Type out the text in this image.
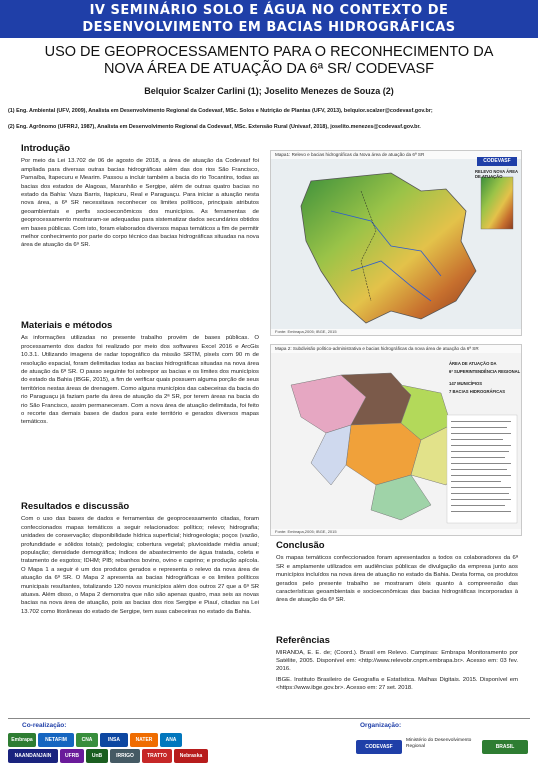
IV SEMINÁRIO SOLO E ÁGUA NO CONTEXTO DE
DESENVOLVIMENTO EM BACIAS HIDROGRÁFICAS
USO DE GEOPROCESSAMENTO PARA O RECONHECIMENTO DA
NOVA ÁREA DE ATUAÇÃO DA 6ª SR/ CODEVASF
Belquior Scalzer Carlini (1); Joselito Menezes de Souza (2)
(1) Eng. Ambiental (UFV, 2009), Analista em Desenvolvimento Regional da Codevasf, MSc. Solos e Nutrição de Plantas (UFV, 2013), belquior.scalzer@codevasf.gov.br;
(2) Eng. Agrônomo (UFRRJ, 1987), Analista em Desenvolvimento Regional da Codevasf, MSc. Extensão Rural (Univasf, 2018), joselito.menezes@codevasf.gov.br.
Introdução

Por meio da Lei 13.702 de 06 de agosto de 2018, a área de atuação da Codevasf foi ampliada para diversas outras bacias hidrográficas além das dos rios São Francisco, Parnaíba, Itapecuru e Mearim. Passou a incluir também a bacia do rio Tocantins, todas as bacias dos estados de Alagoas, Maranhão e Sergipe, além de outras quatro bacias no estado da Bahia: Vaza Barris, Itapicuru, Real e Paraguaçu. Para iniciar a atuação nesta nova área, a 6ª SR necessitava reconhecer os limites políticos, principais atributos geoambientais e perfis socioeconômicos dos municípios. As ferramentas de geoprocessamento mostraram-se adequadas para sistematizar dados secundários obtidos em bases públicas. Com isto, foram elaborados diversos mapas temáticos a fim de permitir melhor conhecimento por parte do corpo técnico das bacias hidrográficas situadas na nova área de atuação da 6ª SR.

Materiais e métodos

As informações utilizadas no presente trabalho provém de bases públicas. O processamento dos dados foi realizado por meio dos softwares Excel 2016 e ArcGis 10.3.1. Utilizando imagens de radar topográfico da missão SRTM, pixels com 90 m de resolução espacial, foram delimitadas todas as bacias hidrográficas situadas na nova área de atuação da 6ª SR. O passo seguinte foi sobrepor as bacias e os limites dos municípios do estado da Bahia (IBGE, 2015), a fim de verificar quais possuem alguma porção de seus territórios nestas áreas de drenagem. Como alguns municípios das cabeceiras da bacia do rio Paraguaçu já faziam parte da área de atuação da 2ª SR, por terem áreas na bacia do rio São Francisco, assim permaneceram. Com a nova área de atuação delimitada, foi feito o recorte das demais bases de dados para este território e gerados diversos mapas temáticos.

Resultados e discussão

Com o uso das bases de dados e ferramentas de geoprocessamento citadas, foram confeccionados mapas temáticos a seguir relacionados: político; relevo; hidrografia; unidades de conservação; disponibilidade hídrica superficial; hidrogeologia; poços (vazão, profundidade e sólidos totais); pedologia; cobertura vegetal; pluviosidade média anual; população; densidade demográfica; índices de abastecimento de água tratada, coleta e tratamento de esgotos; IDHM; PIB; rebanhos bovino, ovino e caprino; e produção apícola. O Mapa 1 a seguir é um dos produtos gerados e representa o relevo da nova área de atuação da 6ª SR. O Mapa 2 apresenta as bacias hidrográficas e os limites políticos municipais resultantes, totalizando 120 novos municípios além dos outros 27 que a 6ª SR atuava. Além disso, o Mapa 2 demonstra que não são apenas quatro, mas seis as novas bacias na nova área de atuação, pois as bacias dos rios Sergipe e Piauí, citadas na Lei 13.702 como litorâneas do estado de Sergipe, tem suas cabeceiras no estado da Bahia.

Mapa1: Relevo e bacias hidrográficas da Nova área de atuação da 6ª SR
CODEVASF
RELEVO NOVA ÁREA DE ATUAÇÃO
Fonte: Embrapa,2005; IBGE, 2015
Mapa 2: Subdivisão político-administrativa e bacias hidrográficas da nova área de atuação da 6ª SR
ÁREA DE ATUAÇÃO DA
6ª SUPERINTENDÊNCIA REGIONAL
147 MUNICÍPIOS
7 BACIAS HIDROGRÁFICAS
Fonte: Embrapa,2005; IBGE, 2015
Conclusão

Os mapas temáticos confeccionados foram apresentados a todos os colaboradores da 6ª SR e amplamente utilizados em audiências públicas de divulgação da empresa junto aos municípios incluídos na nova área de atuação no estado da Bahia. Desta forma, os produtos gerados pelo presente trabalho se mostraram úteis quanto à compreensão das características geoambientais e socioeconômicas das bacias hidrográficas incorporadas à área de atuação da 6ª SR.

Referências

MIRANDA, E. E. de; (Coord.). Brasil em Relevo. Campinas: Embrapa Monitoramento por Satélite, 2005. Disponível em: <http://www.relevobr.cnpm.embrapa.br>. Acesso em: 03 fev. 2016.

IBGE. Instituto Brasileiro de Geografia e Estatística. Malhas Digitais. 2015. Disponível em <https://www.ibge.gov.br>. Acesso em: 27 set. 2018.

Co-realização:	Organização:
Embrapa	NETAFIM	CNA	INSA	NATER	ANA
NAANDANJAIN	UFRB	UnB	IRRIGO	TRATTO	Nebraska
CODEVASF
Ministério do Desenvolvimento Regional	BRASIL
